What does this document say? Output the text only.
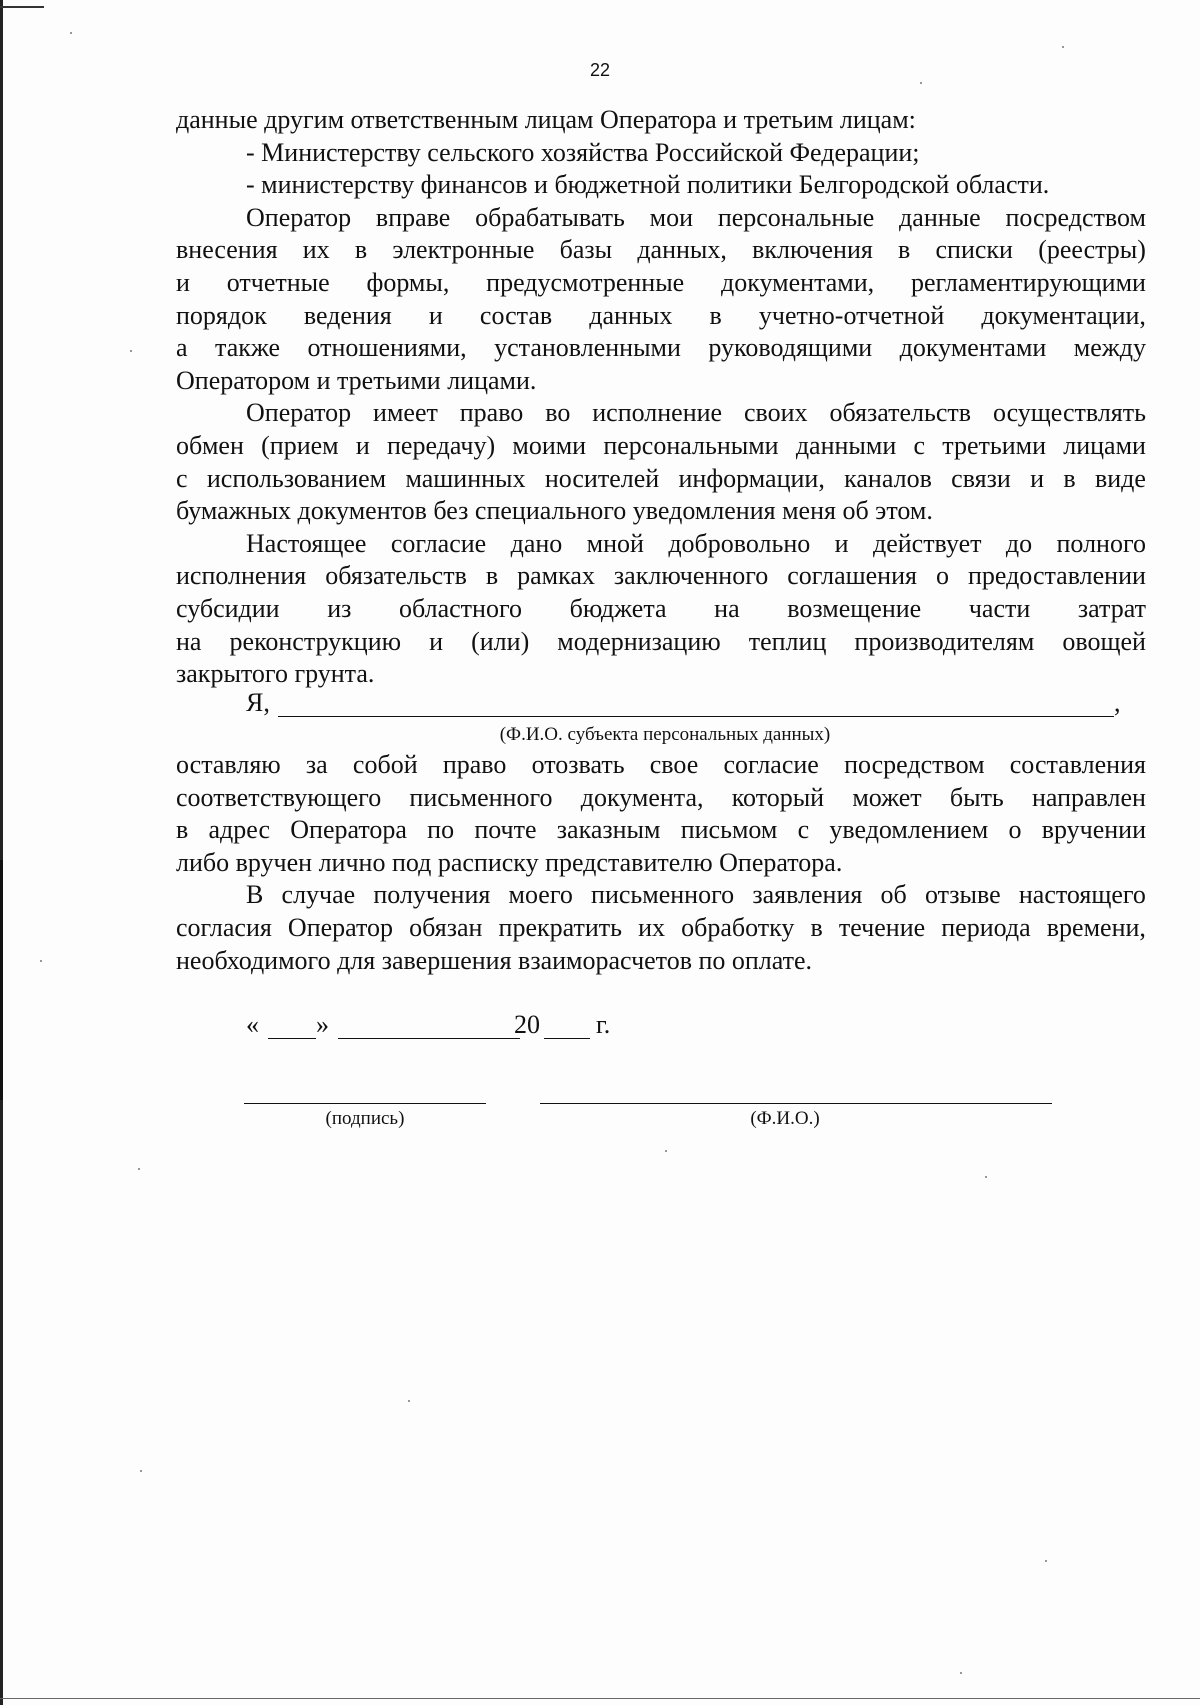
22
данные другим ответственным лицам Оператора и третьим лицам:
- Министерству сельского хозяйства Российской Федерации;
- министерству финансов и бюджетной политики Белгородской области.
Оператор вправе обрабатывать мои персональные данные посредством
внесения их в электронные базы данных, включения в списки (реестры)
и отчетные формы, предусмотренные документами, регламентирующими
порядок ведения и состав данных в учетно-отчетной документации,
а также отношениями, установленными руководящими документами между
Оператором и третьими лицами.
Оператор имеет право во исполнение своих обязательств осуществлять
обмен (прием и передачу) моими персональными данными с третьими лицами
с использованием машинных носителей информации, каналов связи и в виде
бумажных документов без специального уведомления меня об этом.
Настоящее согласие дано мной добровольно и действует до полного
исполнения обязательств в рамках заключенного соглашения о предоставлении
субсидии из областного бюджета на возмещение части затрат
на реконструкцию и (или) модернизацию теплиц производителям овощей
закрытого грунта.
Я,	,
(Ф.И.О. субъекта персональных данных)
оставляю за собой право отозвать свое согласие посредством составления
соответствующего письменного документа, который может быть направлен
в адрес Оператора по почте заказным письмом с уведомлением о вручении
либо вручен лично под расписку представителю Оператора.
В случае получения моего письменного заявления об отзыве настоящего
согласия Оператор обязан прекратить их обработку в течение периода времени,
необходимого для завершения взаиморасчетов по оплате.
« »	20 г.
(подпись)	(Ф.И.О.)
